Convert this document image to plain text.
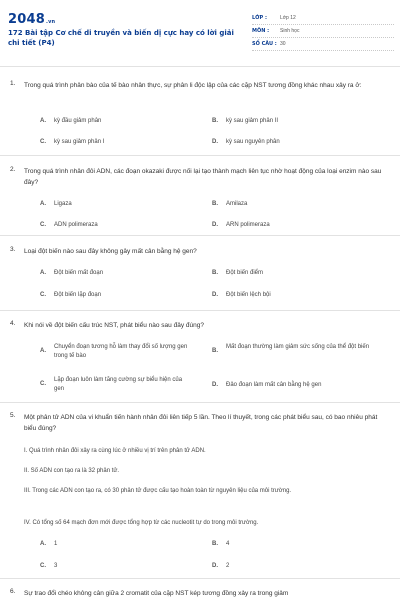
2048.vn
172 Bài tập Cơ chế di truyền và biến dị cực hay có lời giải chi tiết (P4)
LỚP :	Lớp 12
MÔN :	Sinh học
SỐ CÂU : 30
1. Trong quá trình phân bào của tế bào nhân thực, sự phân li độc lập của các cặp NST tương đồng khác nhau xảy ra ở:
A. kỳ đầu giảm phân	B. kỳ sau giảm phân II
C. kỳ sau giảm phân I	D. kỳ sau nguyên phân
2. Trong quá trình nhân đôi ADN, các đoạn okazaki được nối lại tạo thành mạch liên tục nhờ hoạt động của loại enzim nào sau đây?
A. Ligaza	B. Amilaza
C. ADN polimeraza	D. ARN polimeraza
3. Loại đột biến nào sau đây không gây mất cân bằng hệ gen?
A. Đột biến mất đoạn	B. Đột biến điểm
C. Đột biến lặp đoạn	D. Đột biến lệch bội
4. Khi nói về đột biến cấu trúc NST, phát biểu nào sau đây đúng?
A.
Chuyển đoạn tương hỗ làm thay đổi số lượng gen trong tế bào
B.
Mất đoạn thường làm giảm sức sống của thể đột biến
C.
Lặp đoạn luôn làm tăng cường sự biểu hiện của gen
D. Đảo đoạn làm mất cân bằng hệ gen
5. Một phân tử ADN của vi khuẩn tiến hành nhân đôi liên tiếp 5 lần. Theo lí thuyết, trong các phát biểu sau, có bao nhiêu phát biểu đúng?
I. Quá trình nhân đôi xảy ra cùng lúc ở nhiều vị trí trên phân tử ADN.
II. Số ADN con tạo ra là 32 phân tử.
III. Trong các ADN con tạo ra, có 30 phân tử được cấu tạo hoàn toàn từ nguyên liệu của môi trường.
IV. Có tổng số 64 mạch đơn mới được tổng hợp từ các nucleotit tự do trong môi trường.
A. 1	B. 4
C. 3	D. 2
6. Sự trao đổi chéo không cân giữa 2 cromatit của cặp NST kép tương đồng xảy ra trong giảm
